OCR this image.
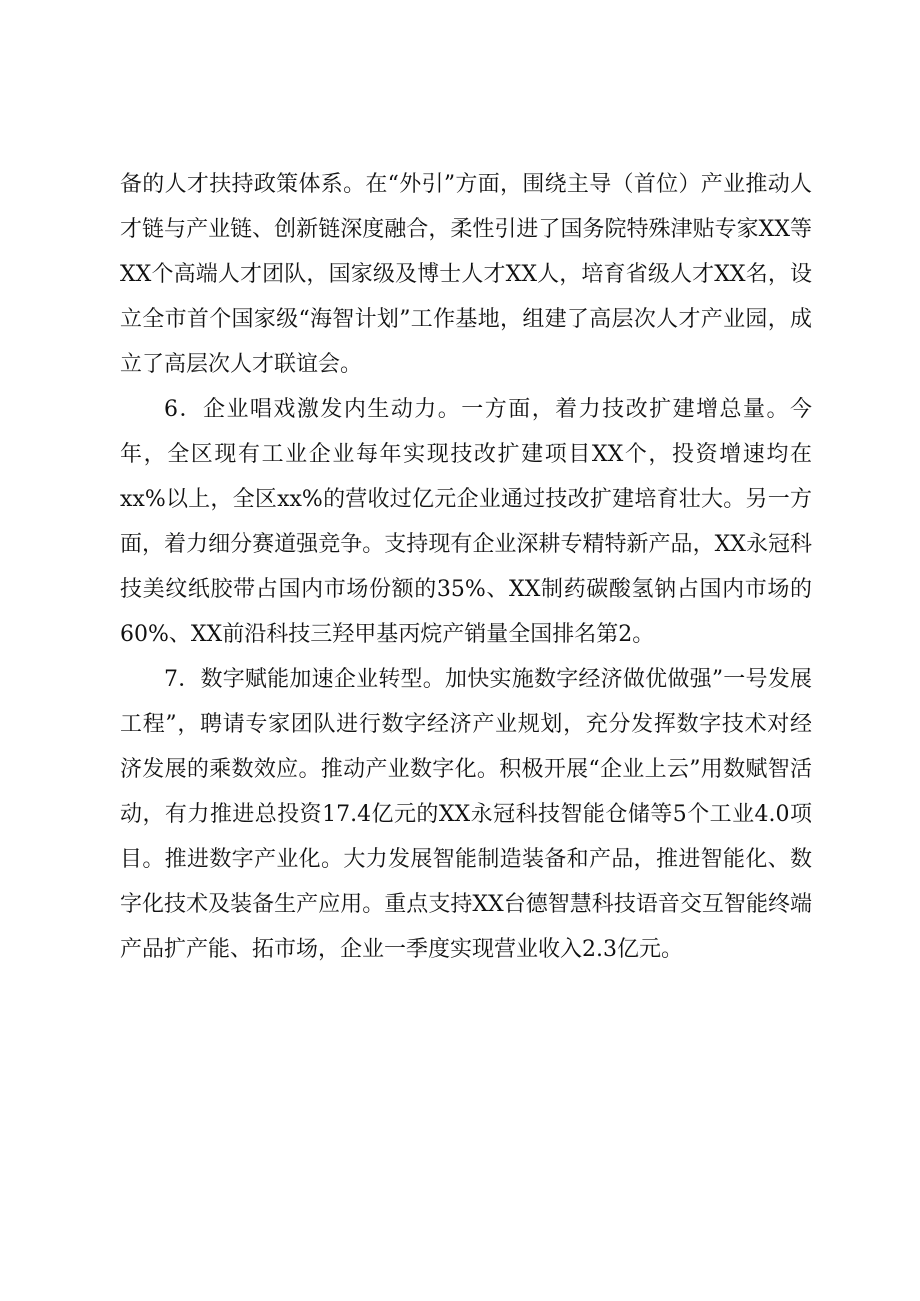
备的人才扶持政策体系。在“外引”方面，围绕主导（首位）产业推动人才链与产业链、创新链深度融合，柔性引进了国务院特殊津贴专家XX等XX个高端人才团队，国家级及博士人才XX人，培育省级人才XX名，设立全市首个国家级“海智计划”工作基地，组建了高层次人才产业园，成立了高层次人才联谊会。

6．企业唱戏激发内生动力。一方面，着力技改扩建增总量。今年，全区现有工业企业每年实现技改扩建项目XX个，投资增速均在xx%以上，全区xx%的营收过亿元企业通过技改扩建培育壮大。另一方面，着力细分赛道强竞争。支持现有企业深耕专精特新产品，XX永冠科技美纹纸胶带占国内市场份额的35%、XX制药碳酸氢钠占国内市场的60%、XX前沿科技三羟甲基丙烷产销量全国排名第2。

7．数字赋能加速企业转型。加快实施数字经济做优做强”一号发展工程”，聘请专家团队进行数字经济产业规划，充分发挥数字技术对经济发展的乘数效应。推动产业数字化。积极开展“企业上云”用数赋智活动，有力推进总投资17.4亿元的XX永冠科技智能仓储等5个工业4.0项目。推进数字产业化。大力发展智能制造装备和产品，推进智能化、数字化技术及装备生产应用。重点支持XX台德智慧科技语音交互智能终端产品扩产能、拓市场，企业一季度实现营业收入2.3亿元。
